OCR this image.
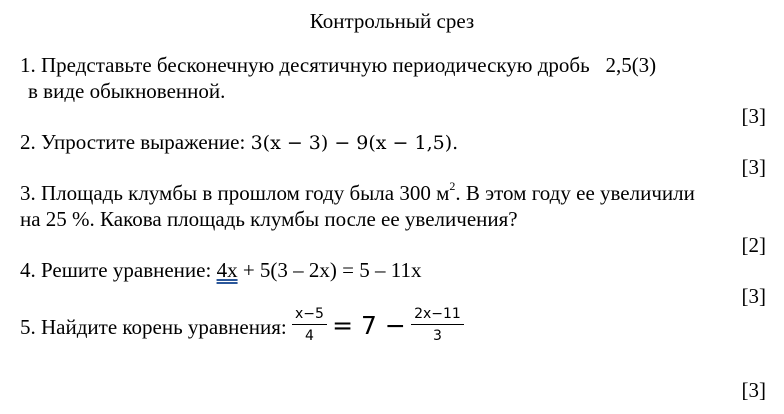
Контрольный срез
1. Представьте бесконечную десятичную периодическую дробь 2,5(3)
в виде обыкновенной.
[3]
2. Упростите выражение: 3(x − 3) − 9(x − 1,5).
[3]
3. Площадь клумбы в прошлом году была 300 $м^2$. В этом году ее увеличили
на 25 %. Какова площадь клумбы после ее увеличения?
[2]
4. Решите уравнение: 4x + 5(3 – 2x) = 5 – 11x
[3]
5. Найдите корень уравнения: $\frac{x-5}{4} = 7 - \frac{2x-11}{3}$
[3]
